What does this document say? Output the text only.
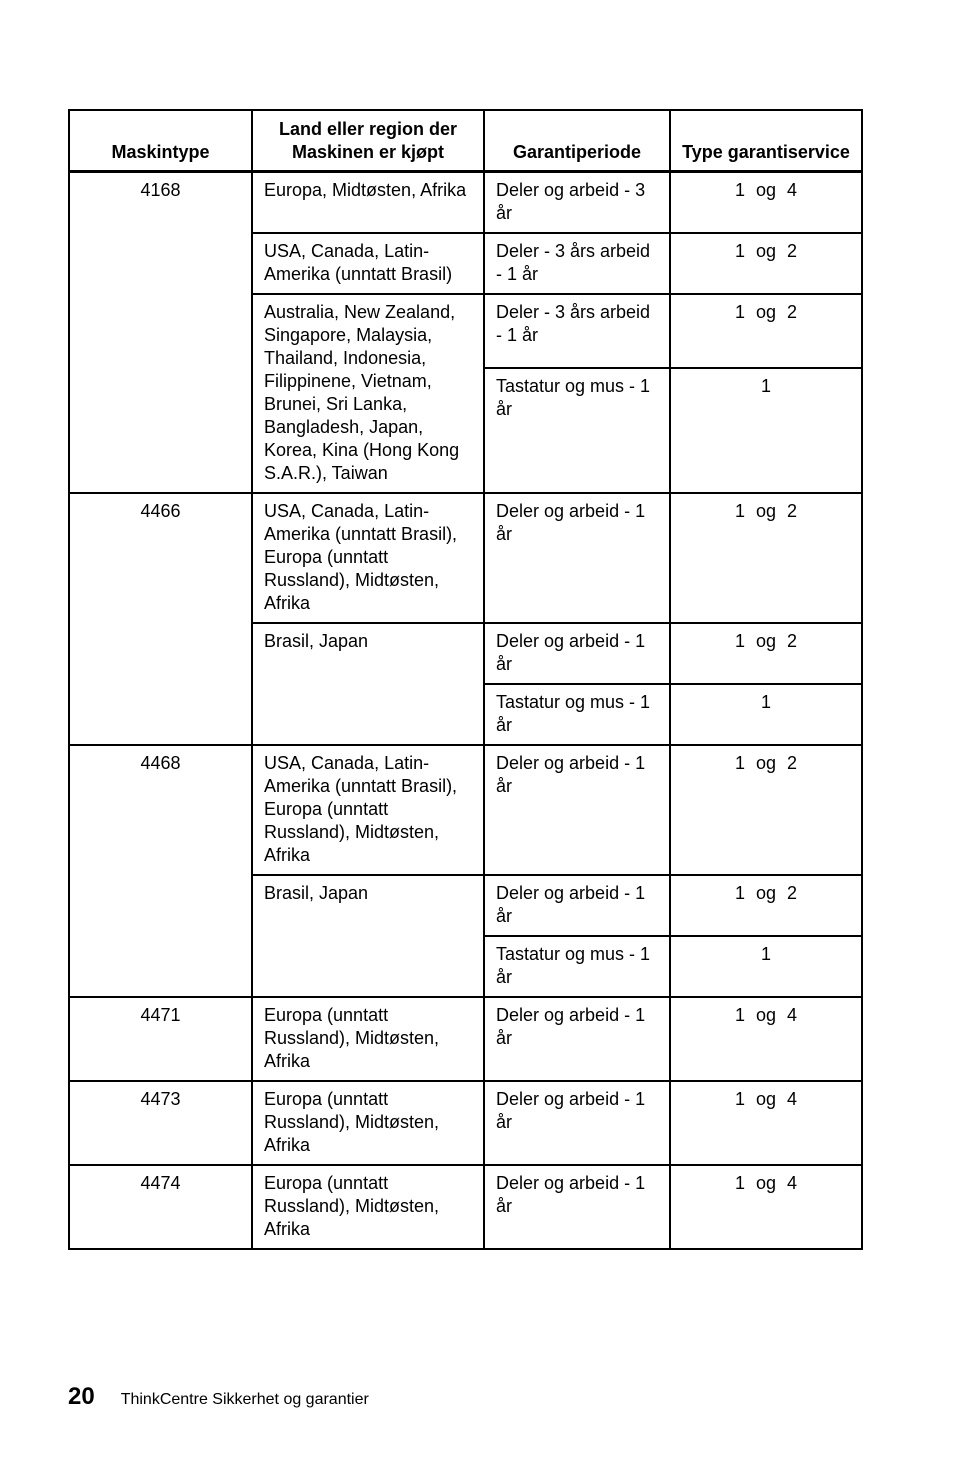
Maskintype	Land eller region der Maskinen er kjøpt	Garantiperiode	Type garantiservice
4168	Europa, Midtøsten, Afrika	Deler og arbeid - 3 år	1 og 4
	USA, Canada, Latin-Amerika (unntatt Brasil)	Deler - 3 års arbeid - 1 år	1 og 2
	Australia, New Zealand, Singapore, Malaysia, Thailand, Indonesia, Filippinene, Vietnam, Brunei, Sri Lanka, Bangladesh, Japan, Korea, Kina (Hong Kong S.A.R.), Taiwan	Deler - 3 års arbeid - 1 år	1 og 2
		Tastatur og mus - 1 år	1
4466	USA, Canada, Latin-Amerika (unntatt Brasil), Europa (unntatt Russland), Midtøsten, Afrika	Deler og arbeid - 1 år	1 og 2
	Brasil, Japan	Deler og arbeid - 1 år	1 og 2
		Tastatur og mus - 1 år	1
4468	USA, Canada, Latin-Amerika (unntatt Brasil), Europa (unntatt Russland), Midtøsten, Afrika	Deler og arbeid - 1 år	1 og 2
	Brasil, Japan	Deler og arbeid - 1 år	1 og 2
		Tastatur og mus - 1 år	1
4471	Europa (unntatt Russland), Midtøsten, Afrika	Deler og arbeid - 1 år	1 og 4
4473	Europa (unntatt Russland), Midtøsten, Afrika	Deler og arbeid - 1 år	1 og 4
4474	Europa (unntatt Russland), Midtøsten, Afrika	Deler og arbeid - 1 år	1 og 4
20 ThinkCentre Sikkerhet og garantier
